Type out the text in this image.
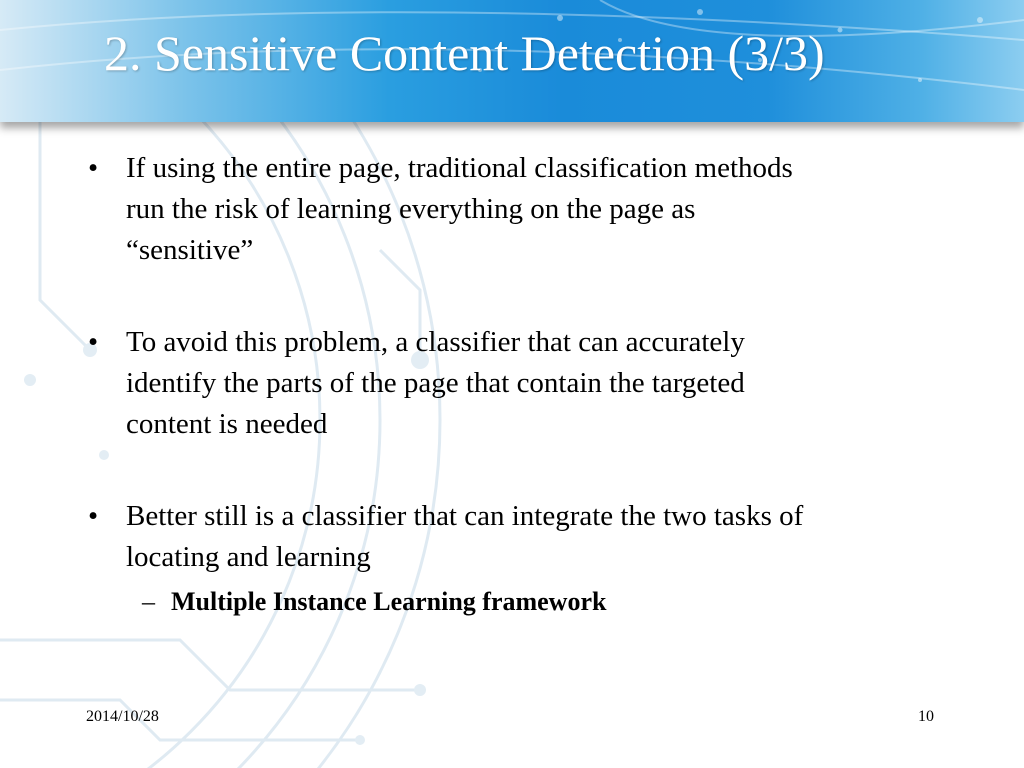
2. Sensitive Content Detection (3/3)
• If using the entire page, traditional classification methods
run the risk of learning everything on the page as
“sensitive”
• To avoid this problem, a classifier that can accurately
identify the parts of the page that contain the targeted
content is needed
• Better still is a classifier that can integrate the two tasks of
locating and learning
– Multiple Instance Learning framework
2014/10/28	10
